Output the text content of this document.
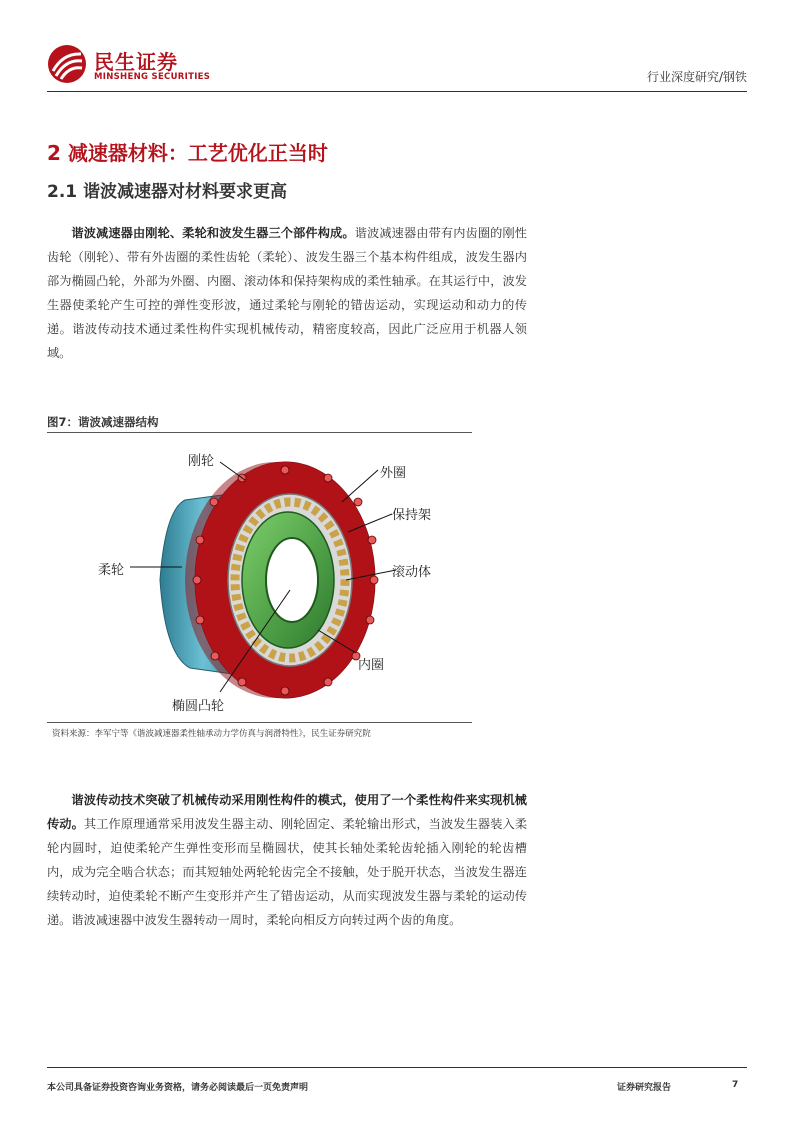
民生证券
MINSHENG SECURITIES	行业深度研究/钢铁
2 减速器材料：工艺优化正当时
2.1 谐波减速器对材料要求更高
谐波减速器由刚轮、柔轮和波发生器三个部件构成。谐波减速器由带有内齿圈的刚性齿轮（刚轮）、带有外齿圈的柔性齿轮（柔轮）、波发生器三个基本构件组成，波发生器内部为椭圆凸轮，外部为外圈、内圈、滚动体和保持架构成的柔性轴承。在其运行中，波发生器使柔轮产生可控的弹性变形波，通过柔轮与刚轮的错齿运动，实现运动和动力的传递。谐波传动技术通过柔性构件实现机械传动，精密度较高，因此广泛应用于机器人领域。
图7：谐波减速器结构
刚轮
外圈
保持架
柔轮	滚动体
内圈
椭圆凸轮
资料来源：李军宁等《谐波减速器柔性轴承动力学仿真与润滑特性》，民生证券研究院
谐波传动技术突破了机械传动采用刚性构件的模式，使用了一个柔性构件来实现机械传动。其工作原理通常采用波发生器主动、刚轮固定、柔轮输出形式，当波发生器装入柔轮内圆时，迫使柔轮产生弹性变形而呈椭圆状，使其长轴处柔轮齿轮插入刚轮的轮齿槽内，成为完全啮合状态；而其短轴处两轮轮齿完全不接触，处于脱开状态，当波发生器连续转动时，迫使柔轮不断产生变形并产生了错齿运动，从而实现波发生器与柔轮的运动传递。谐波减速器中波发生器转动一周时，柔轮向相反方向转过两个齿的角度。
本公司具备证券投资咨询业务资格，请务必阅读最后一页免责声明	证券研究报告	7
